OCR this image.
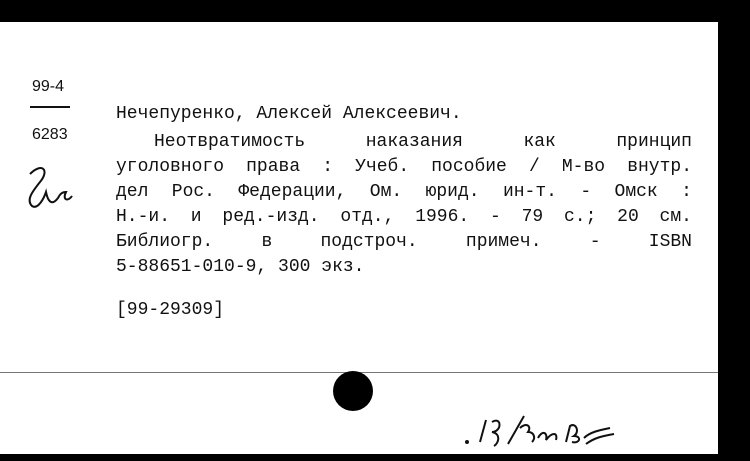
99-4
6283
Нечепуренко, Алексей Алексеевич.
Неотвратимость	наказания	как	принцип
уголовного права : Учеб. пособие / М-во внутр.
дел Рос. Федерации, Ом. юрид. ин-т. - Омск :
Н.-и. и ред.-изд. отд., 1996. - 79 с.; 20 см.
Библиогр.	в	подстроч.	примеч.	-	ISBN
5-88651-010-9, 300 экз.
[99-29309]
